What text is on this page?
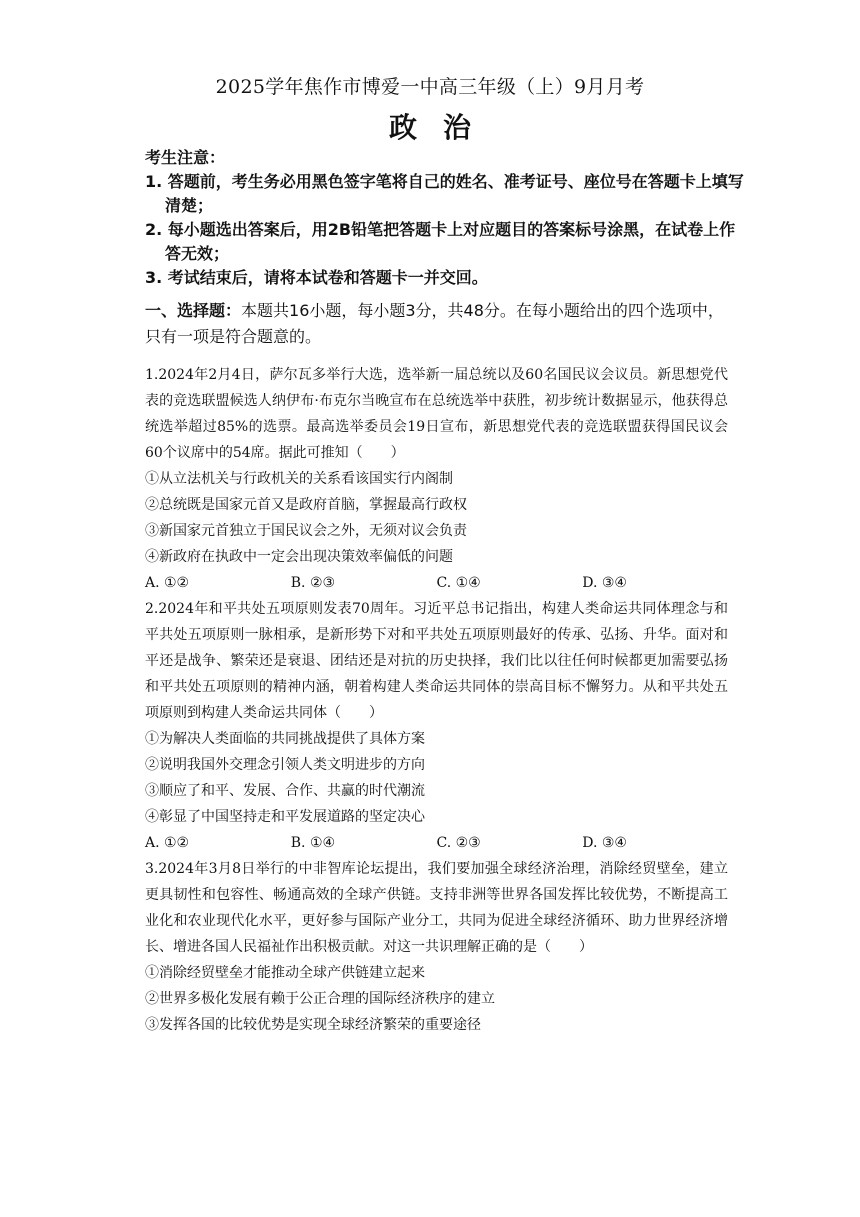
2025学年焦作市博爱一中高三年级（上）9月月考
政治
考生注意：
1. 答题前，考生务必用黑色签字笔将自己的姓名、准考证号、座位号在答题卡上填写清楚；
2. 每小题选出答案后，用2B铅笔把答题卡上对应题目的答案标号涂黑，在试卷上作答无效；
3. 考试结束后，请将本试卷和答题卡一并交回。
一、选择题：本题共16小题，每小题3分，共48分。在每小题给出的四个选项中，只有一项是符合题意的。
1.2024年2月4日，萨尔瓦多举行大选，选举新一届总统以及60名国民议会议员。新思想党代表的竞选联盟候选人纳伊布·布克尔当晚宣布在总统选举中获胜，初步统计数据显示，他获得总统选举超过85%的选票。最高选举委员会19日宣布，新思想党代表的竞选联盟获得国民议会60个议席中的54席。据此可推知（　　）
①从立法机关与行政机关的关系看该国实行内阁制
②总统既是国家元首又是政府首脑，掌握最高行政权
③新国家元首独立于国民议会之外，无须对议会负责
④新政府在执政中一定会出现决策效率偏低的问题
A. ①②	B. ②③	C. ①④	D. ③④
2.2024年和平共处五项原则发表70周年。习近平总书记指出，构建人类命运共同体理念与和平共处五项原则一脉相承，是新形势下对和平共处五项原则最好的传承、弘扬、升华。面对和平还是战争、繁荣还是衰退、团结还是对抗的历史抉择，我们比以往任何时候都更加需要弘扬和平共处五项原则的精神内涵，朝着构建人类命运共同体的崇高目标不懈努力。从和平共处五项原则到构建人类命运共同体（　　）
①为解决人类面临的共同挑战提供了具体方案
②说明我国外交理念引领人类文明进步的方向
③顺应了和平、发展、合作、共赢的时代潮流
④彰显了中国坚持走和平发展道路的坚定决心
A. ①②	B. ①④	C. ②③	D. ③④
3.2024年3月8日举行的中非智库论坛提出，我们要加强全球经济治理，消除经贸壁垒，建立更具韧性和包容性、畅通高效的全球产供链。支持非洲等世界各国发挥比较优势，不断提高工业化和农业现代化水平，更好参与国际产业分工，共同为促进全球经济循环、助力世界经济增长、增进各国人民福祉作出积极贡献。对这一共识理解正确的是（　　）
①消除经贸壁垒才能推动全球产供链建立起来
②世界多极化发展有赖于公正合理的国际经济秩序的建立
③发挥各国的比较优势是实现全球经济繁荣的重要途径
